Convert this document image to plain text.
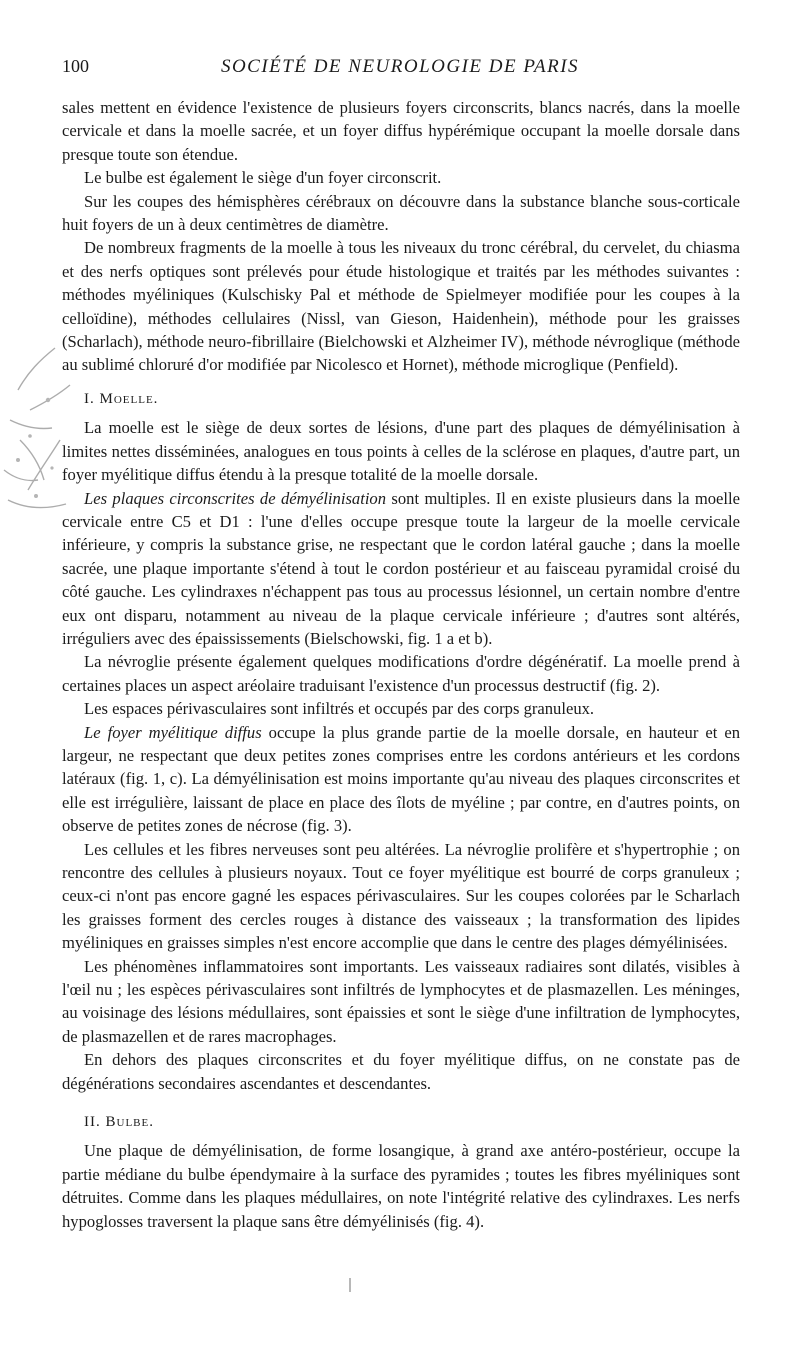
100	SOCIÉTÉ DE NEUROLOGIE DE PARIS

sales mettent en évidence l'existence de plusieurs foyers circonscrits, blancs nacrés, dans la moelle cervicale et dans la moelle sacrée, et un foyer diffus hypérémique occupant la moelle dorsale dans presque toute son étendue.

Le bulbe est également le siège d'un foyer circonscrit.

Sur les coupes des hémisphères cérébraux on découvre dans la substance blanche sous-corticale huit foyers de un à deux centimètres de diamètre.

De nombreux fragments de la moelle à tous les niveaux du tronc cérébral, du cervelet, du chiasma et des nerfs optiques sont prélevés pour étude histologique et traités par les méthodes suivantes : méthodes myéliniques (Kulschisky Pal et méthode de Spielmeyer modifiée pour les coupes à la celloïdine), méthodes cellulaires (Nissl, van Gieson, Haidenhein), méthode pour les graisses (Scharlach), méthode neuro-fibrillaire (Bielchowski et Alzheimer IV), méthode névroglique (méthode au sublimé chloruré d'or modifiée par Nicolesco et Hornet), méthode microglique (Penfield).

I. Moelle.

La moelle est le siège de deux sortes de lésions, d'une part des plaques de démyélinisation à limites nettes disséminées, analogues en tous points à celles de la sclérose en plaques, d'autre part, un foyer myélitique diffus étendu à la presque totalité de la moelle dorsale.

Les plaques circonscrites de démyélinisation sont multiples. Il en existe plusieurs dans la moelle cervicale entre C5 et D1 : l'une d'elles occupe presque toute la largeur de la moelle cervicale inférieure, y compris la substance grise, ne respectant que le cordon latéral gauche ; dans la moelle sacrée, une plaque importante s'étend à tout le cordon postérieur et au faisceau pyramidal croisé du côté gauche. Les cylindraxes n'échappent pas tous au processus lésionnel, un certain nombre d'entre eux ont disparu, notamment au niveau de la plaque cervicale inférieure ; d'autres sont altérés, irréguliers avec des épaississements (Bielschowski, fig. 1 a et b).

La névroglie présente également quelques modifications d'ordre dégénératif. La moelle prend à certaines places un aspect aréolaire traduisant l'existence d'un processus destructif (fig. 2).

Les espaces périvasculaires sont infiltrés et occupés par des corps granuleux.

Le foyer myélitique diffus occupe la plus grande partie de la moelle dorsale, en hauteur et en largeur, ne respectant que deux petites zones comprises entre les cordons antérieurs et les cordons latéraux (fig. 1, c). La démyélinisation est moins importante qu'au niveau des plaques circonscrites et elle est irrégulière, laissant de place en place des îlots de myéline ; par contre, en d'autres points, on observe de petites zones de nécrose (fig. 3).

Les cellules et les fibres nerveuses sont peu altérées. La névroglie prolifère et s'hypertrophie ; on rencontre des cellules à plusieurs noyaux. Tout ce foyer myélitique est bourré de corps granuleux ; ceux-ci n'ont pas encore gagné les espaces périvasculaires. Sur les coupes colorées par le Scharlach les graisses forment des cercles rouges à distance des vaisseaux ; la transformation des lipides myéliniques en graisses simples n'est encore accomplie que dans le centre des plages démyélinisées.

Les phénomènes inflammatoires sont importants. Les vaisseaux radiaires sont dilatés, visibles à l'œil nu ; les espèces périvasculaires sont infiltrés de lymphocytes et de plasmazellen. Les méninges, au voisinage des lésions médullaires, sont épaissies et sont le siège d'une infiltration de lymphocytes, de plasmazellen et de rares macrophages.

En dehors des plaques circonscrites et du foyer myélitique diffus, on ne constate pas de dégénérations secondaires ascendantes et descendantes.

II. Bulbe.

Une plaque de démyélinisation, de forme losangique, à grand axe antéro-postérieur, occupe la partie médiane du bulbe épendymaire à la surface des pyramides ; toutes les fibres myéliniques sont détruites. Comme dans les plaques médullaires, on note l'intégrité relative des cylindraxes. Les nerfs hypoglosses traversent la plaque sans être démyélinisés (fig. 4).
